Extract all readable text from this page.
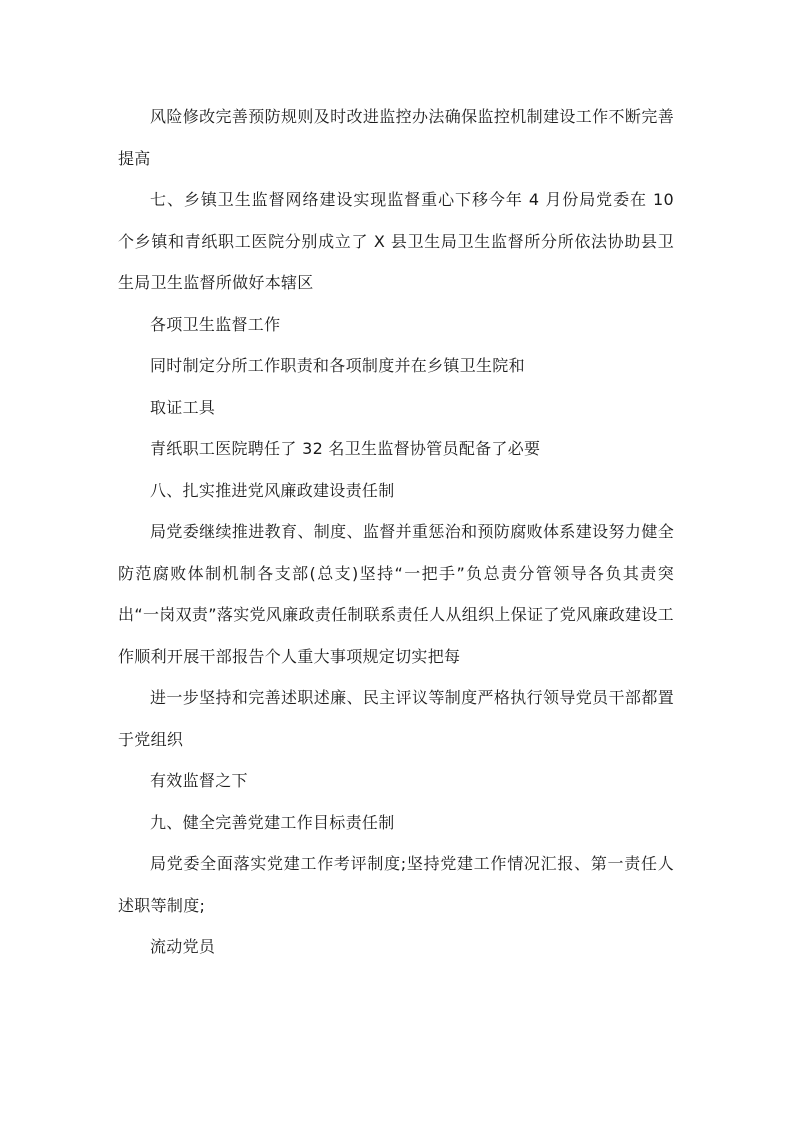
风险修改完善预防规则及时改进监控办法确保监控机制建设工作不断完善提高

七、乡镇卫生监督网络建设实现监督重心下移今年 4 月份局党委在 10 个乡镇和青纸职工医院分别成立了 X 县卫生局卫生监督所分所依法协助县卫生局卫生监督所做好本辖区

各项卫生监督工作

同时制定分所工作职责和各项制度并在乡镇卫生院和

取证工具

青纸职工医院聘任了 32 名卫生监督协管员配备了必要

八、扎实推进党风廉政建设责任制

局党委继续推进教育、制度、监督并重惩治和预防腐败体系建设努力健全防范腐败体制机制各支部(总支)坚持“一把手”负总责分管领导各负其责突出“一岗双责”落实党风廉政责任制联系责任人从组织上保证了党风廉政建设工作顺利开展干部报告个人重大事项规定切实把每

进一步坚持和完善述职述廉、民主评议等制度严格执行领导党员干部都置于党组织

有效监督之下

九、健全完善党建工作目标责任制

局党委全面落实党建工作考评制度;坚持党建工作情况汇报、第一责任人述职等制度;

流动党员
